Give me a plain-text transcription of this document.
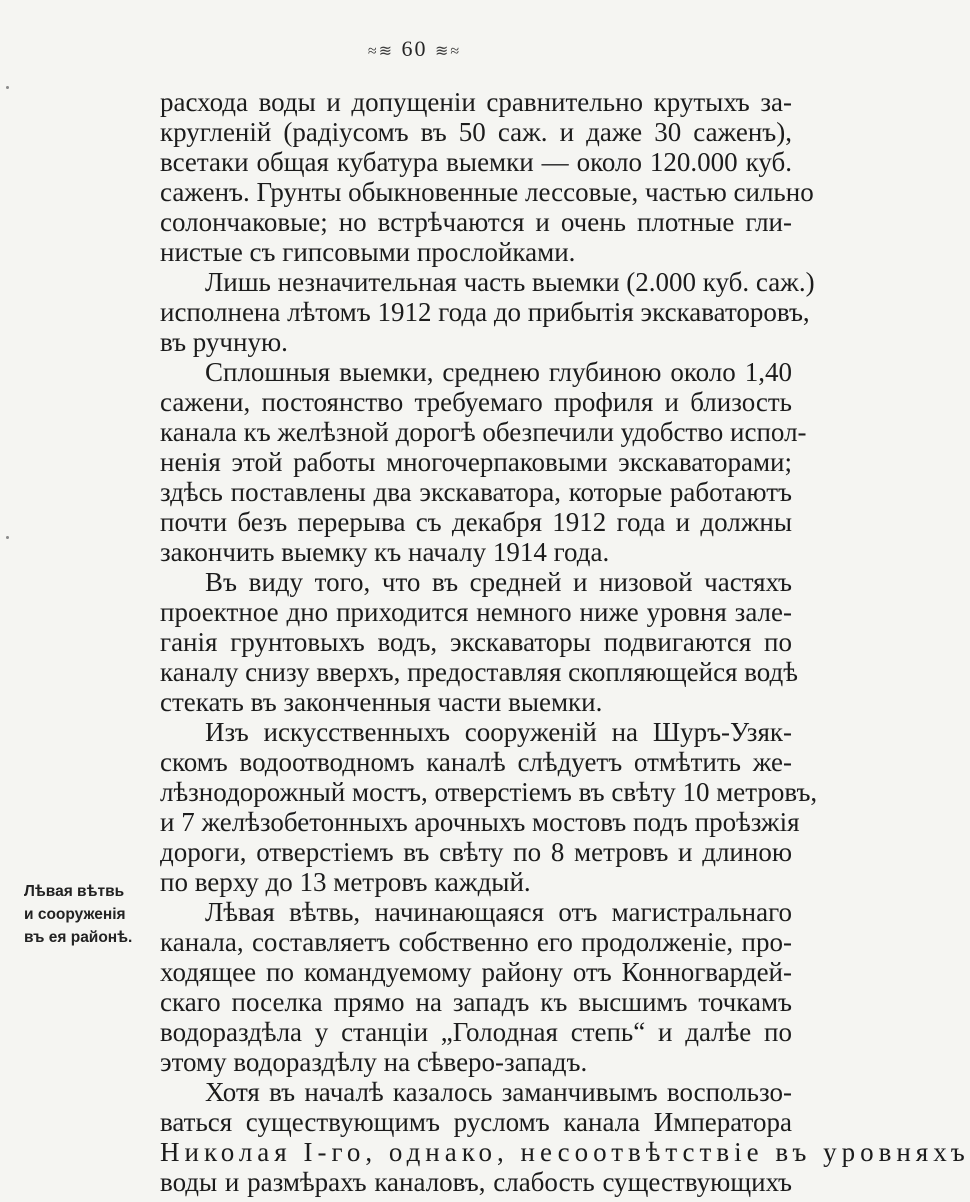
≈≋ 60 ≋≈
Лѣвая вѣтвь
и сооруженія
въ ея районѣ.
расхода воды и допущеніи сравнительно крутыхъ за-
кругленій (радіусомъ въ 50 саж. и даже 30 саженъ),
всетаки общая кубатура выемки — около 120.000 куб.
саженъ. Грунты обыкновенные лессовые, частью сильно
солончаковые; но встрѣчаются и очень плотные гли-
нистые съ гипсовыми прослойками.
Лишь незначительная часть выемки (2.000 куб. саж.)
исполнена лѣтомъ 1912 года до прибытія экскаваторовъ,
въ ручную.
Сплошныя выемки, среднею глубиною около 1,40
сажени, постоянство требуемаго профиля и близость
канала къ желѣзной дорогѣ обезпечили удобство испол-
ненія этой работы многочерпаковыми экскаваторами;
здѣсь поставлены два экскаватора, которые работаютъ
почти безъ перерыва съ декабря 1912 года и должны
закончить выемку къ началу 1914 года.
Въ виду того, что въ средней и низовой частяхъ
проектное дно приходится немного ниже уровня зале-
ганія грунтовыхъ водъ, экскаваторы подвигаются по
каналу снизу вверхъ, предоставляя скопляющейся водѣ
стекать въ законченныя части выемки.
Изъ искусственныхъ сооруженій на Шуръ-Узяк-
скомъ водоотводномъ каналѣ слѣдуетъ отмѣтить же-
лѣзнодорожный мостъ, отверстіемъ въ свѣту 10 метровъ,
и 7 желѣзобетонныхъ арочныхъ мостовъ подъ проѣзжія
дороги, отверстіемъ въ свѣту по 8 метровъ и длиною
по верху до 13 метровъ каждый.
Лѣвая вѣтвь, начинающаяся отъ магистральнаго
канала, составляетъ собственно его продолженіе, про-
ходящее по командуемому району отъ Конногвардей-
скаго поселка прямо на западъ къ высшимъ точкамъ
водораздѣла у станціи „Голодная степь“ и далѣе по
этому водораздѣлу на сѣверо-западъ.
Хотя въ началѣ казалось заманчивымъ воспользо-
ваться существующимъ русломъ канала Императора
Николая I-го, однако, несоотвѣтствіе въ уровняхъ
воды и размѣрахъ каналовъ, слабость существующихъ
